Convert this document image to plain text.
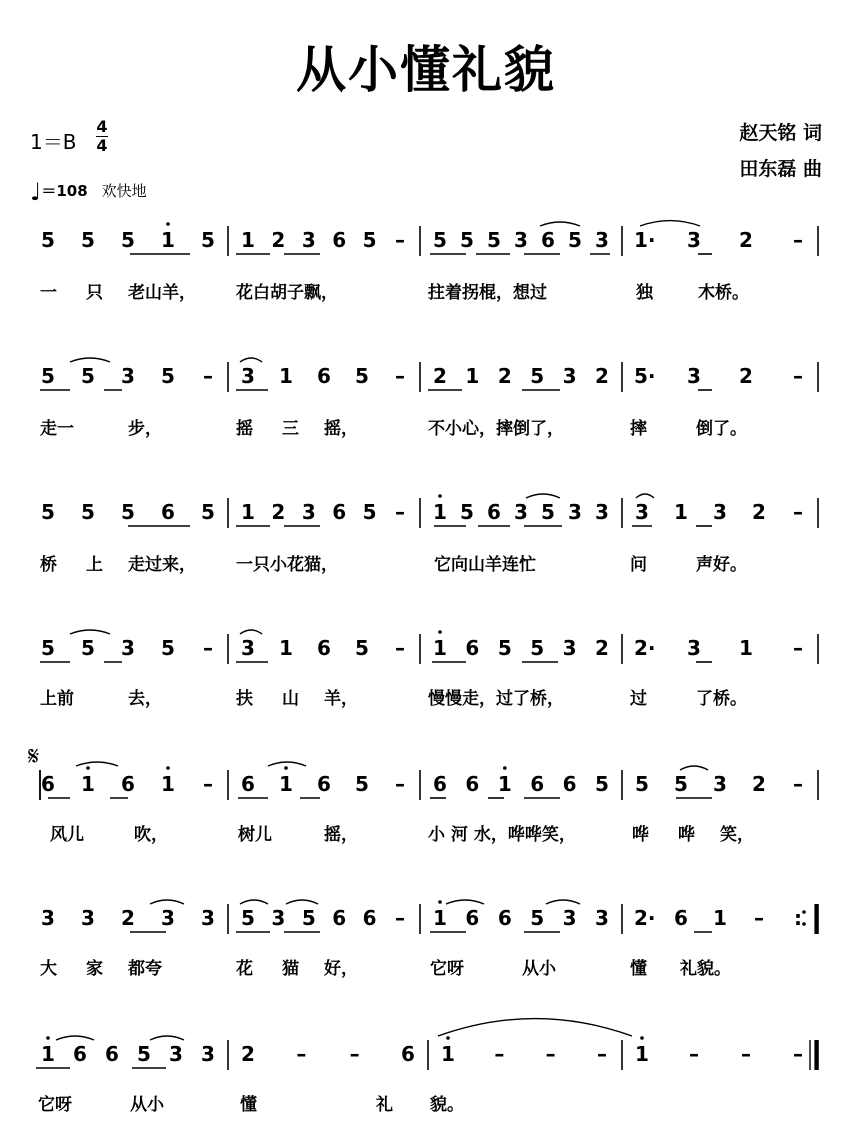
从小懂礼貌
赵天铭 词
田东磊 曲
1＝B
4
4
♩＝108 欢快地
𝄋
5 5 5 1 5 1 2 3 6 5 – 5 5 5 3 6 5 3 1· 3 2 –
一 只 老山羊， 花白胡子飘，	拄着拐棍，想过	独	木桥。
5 5 3 5 – 3 1 6 5 – 2 1 2 5 3 2 5· 3 2 –
走一	步，	摇 三 摇，	不小心，摔倒了，	摔	倒了。
5 5 5 6 5 1 2 3 6 5 – 1 5 6 3 5 3 3 3 1 3 2 –
桥 上 走过来， 一只小花猫，	它向山羊连忙	问	声好。
5 5 3 5 – 3 1 6 5 – 1 6 5 5 3 2 2· 3 1 –
上前	去，	扶 山 羊，	慢慢走，过了桥，	过	了桥。
6 1 6 1 – 6 1 6 5 – 6 6 1 6 6 5 5 5 3 2 –
风儿	吹，	树儿	摇，	小 河 水，哗哗笑，	哗 哗 笑，
3 3 2 3 3 5 3 5 6 6 – 1 6 6 5 3 3 2· 6 1 – :
大 家 都夸	花 猫 好，	它呀	从小	懂 礼貌。
1 6 6 5 3 3 2 – – 6 1 – – – 1 – – –
它呀	从小	懂	礼 貌。
